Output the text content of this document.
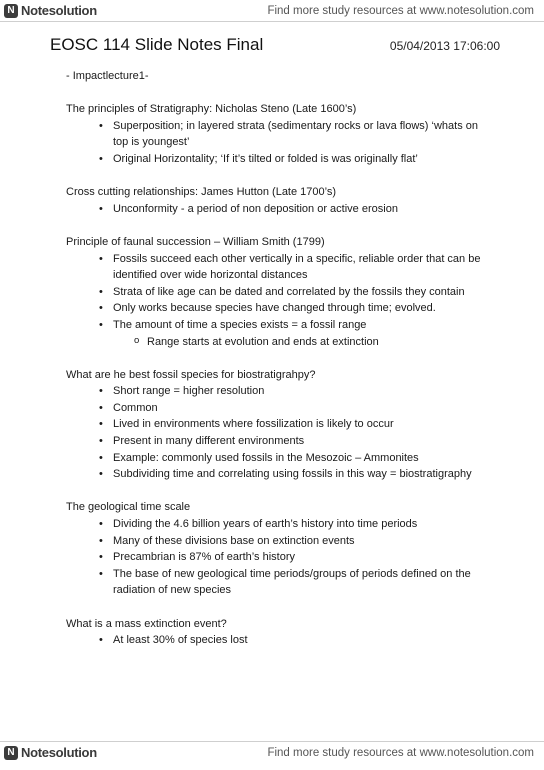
N Notesolution	Find more study resources at www.notesolution.com
EOSC 114 Slide Notes Final	05/04/2013 17:06:00

- Impactlecture1-

The principles of Stratigraphy: Nicholas Steno (Late 1600’s)

• Superposition; in layered strata (sedimentary rocks or lava flows) ‘whats on top is youngest’
• Original Horizontality; ‘If it’s tilted or folded is was originally flat’

Cross cutting relationships: James Hutton (Late 1700’s)

• Unconformity - a period of non deposition or active erosion

Principle of faunal succession – William Smith (1799)

• Fossils succeed each other vertically in a specific, reliable order that can be identified over wide horizontal distances
• Strata of like age can be dated and correlated by the fossils they contain
• Only works because species have changed through time; evolved.
• The amount of time a species exists = a fossil range
o Range starts at evolution and ends at extinction

What are he best fossil species for biostratigrahpy?

• Short range = higher resolution
• Common
• Lived in environments where fossilization is likely to occur
• Present in many different environments
• Example: commonly used fossils in the Mesozoic – Ammonites
• Subdividing time and correlating using fossils in this way = biostratigraphy

The geological time scale

• Dividing the 4.6 billion years of earth’s history into time periods
• Many of these divisions base on extinction events
• Precambrian is 87% of earth’s history
• The base of new geological time periods/groups of periods defined on the radiation of new species

What is a mass extinction event?

• At least 30% of species lost
N Notesolution	Find more study resources at www.notesolution.com
